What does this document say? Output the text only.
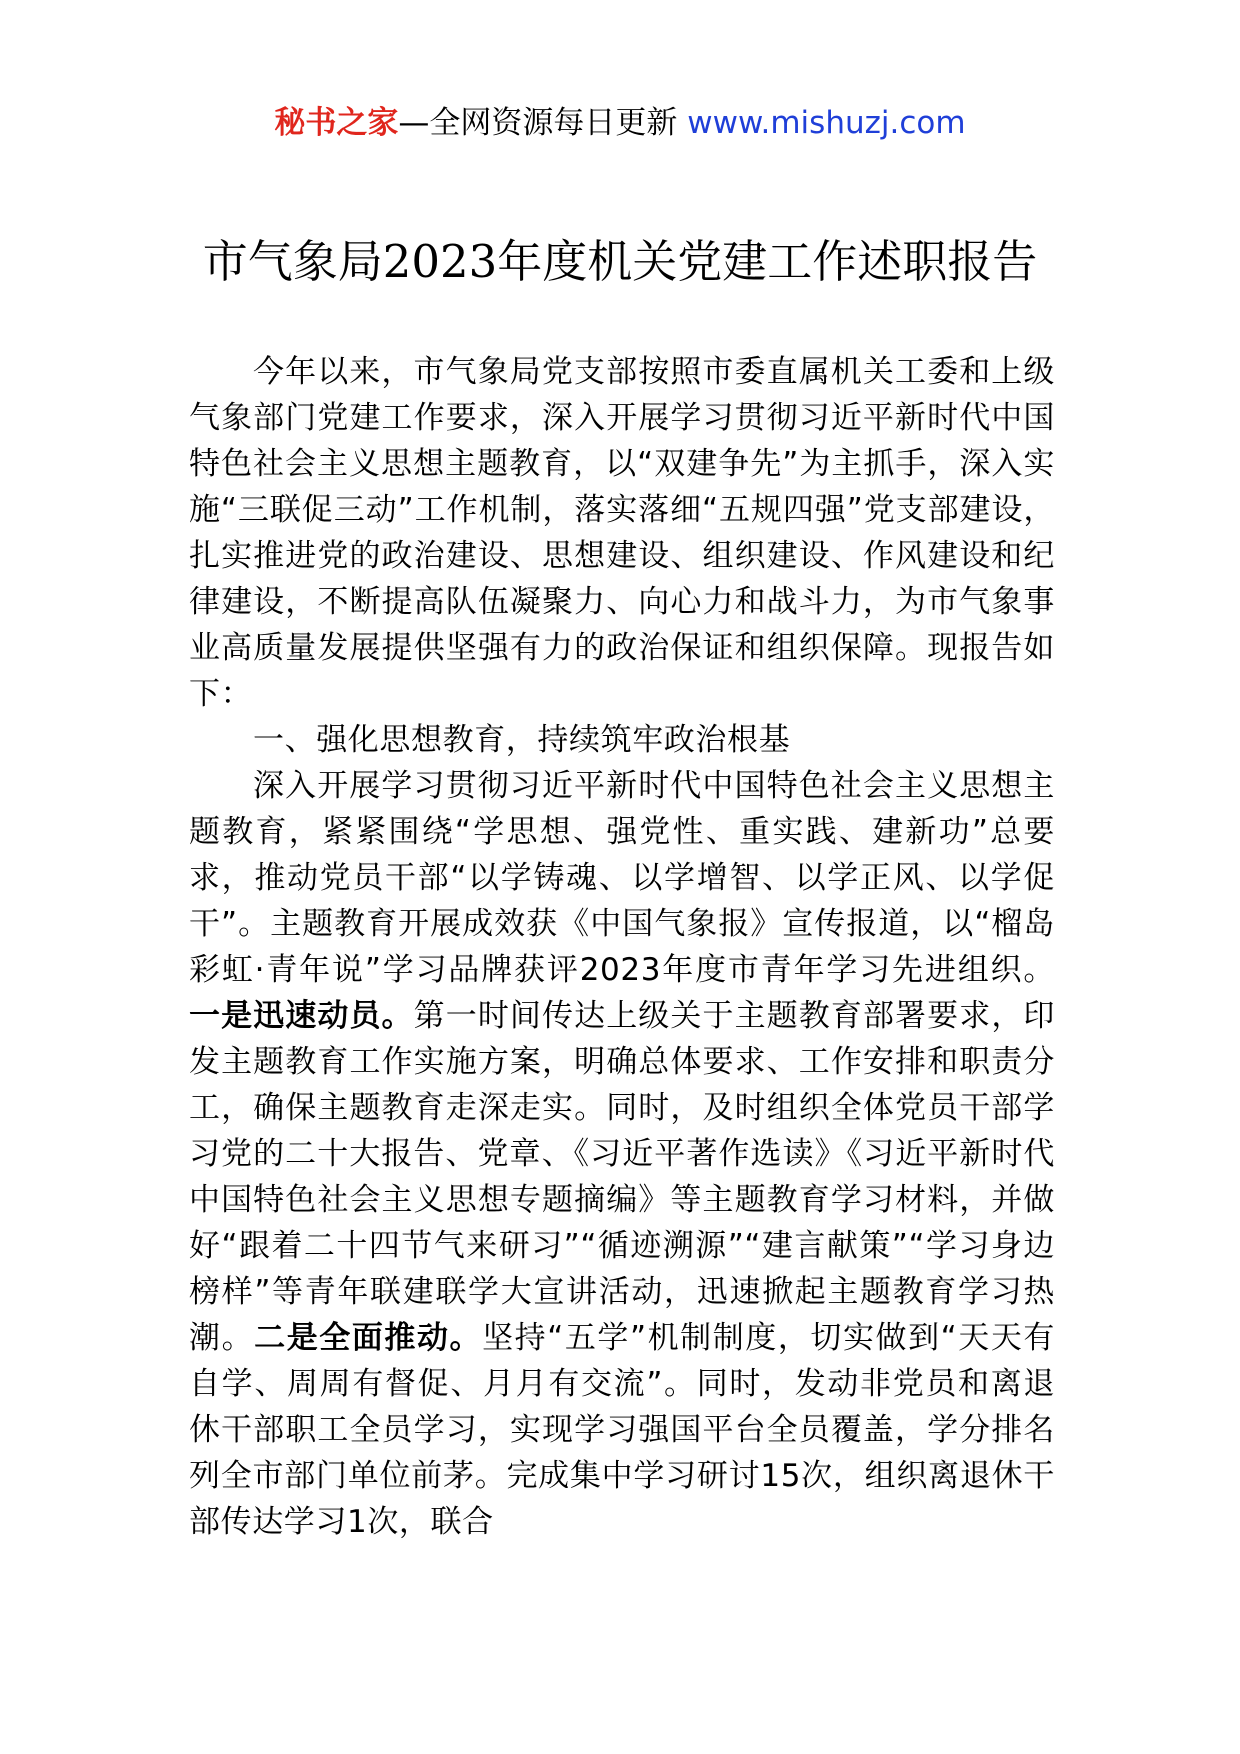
秘书之家—全网资源每日更新 www.mishuzj.com
市气象局2023年度机关党建工作述职报告

今年以来，市气象局党支部按照市委直属机关工委和上级气象部门党建工作要求，深入开展学习贯彻习近平新时代中国特色社会主义思想主题教育，以“双建争先”为主抓手，深入实施“三联促三动”工作机制，落实落细“五规四强”党支部建设，扎实推进党的政治建设、思想建设、组织建设、作风建设和纪律建设，不断提高队伍凝聚力、向心力和战斗力，为市气象事业高质量发展提供坚强有力的政治保证和组织保障。现报告如下：

一、强化思想教育，持续筑牢政治根基

深入开展学习贯彻习近平新时代中国特色社会主义思想主题教育，紧紧围绕“学思想、强党性、重实践、建新功”总要求，推动党员干部“以学铸魂、以学增智、以学正风、以学促干”。主题教育开展成效获《中国气象报》宣传报道，以“榴岛彩虹·青年说”学习品牌获评2023年度市青年学习先进组织。一是迅速动员。第一时间传达上级关于主题教育部署要求，印发主题教育工作实施方案，明确总体要求、工作安排和职责分工，确保主题教育走深走实。同时，及时组织全体党员干部学习党的二十大报告、党章、《习近平著作选读》《习近平新时代中国特色社会主义思想专题摘编》等主题教育学习材料，并做好“跟着二十四节气来研习”“循迹溯源”“建言献策”“学习身边榜样”等青年联建联学大宣讲活动，迅速掀起主题教育学习热潮。二是全面推动。坚持“五学”机制制度，切实做到“天天有自学、周周有督促、月月有交流”。同时，发动非党员和离退休干部职工全员学习，实现学习强国平台全员覆盖，学分排名列全市部门单位前茅。完成集中学习研讨15次，组织离退休干部传达学习1次，联合
